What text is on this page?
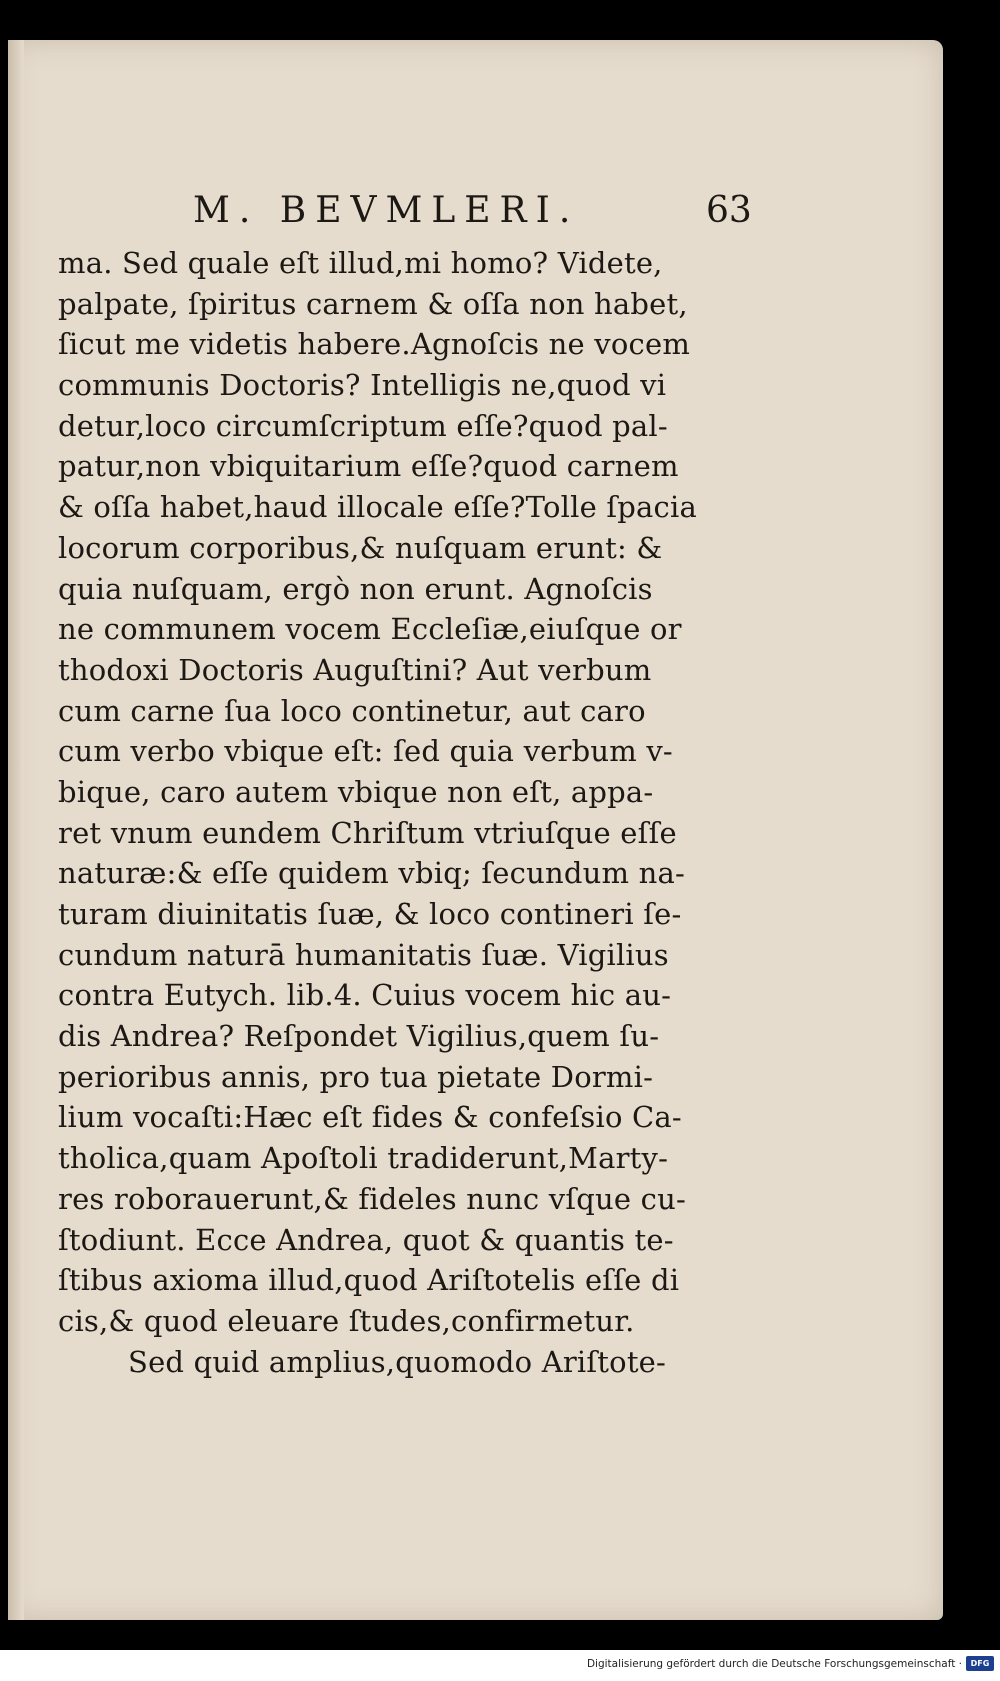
M. BEVMLERI.	63
ma. Sed quale eſt illud,mi homo? Videte,
palpate, ſpiritus carnem & oſſa non habet,
ſicut me videtis habere.Agnoſcis ne vocem
communis Doctoris? Intelligis ne,quod vi
detur,loco circumſcriptum eſſe?quod pal-
patur,non vbiquitarium eſſe?quod carnem
& oſſa habet,haud illocale eſſe?Tolle ſpacia
locorum corporibus,& nuſquam erunt: &
quia nuſquam, ergò non erunt. Agnoſcis
ne communem vocem Eccleſiæ,eiuſque or
thodoxi Doctoris Auguſtini? Aut verbum
cum carne ſua loco continetur, aut caro
cum verbo vbique eſt: ſed quia verbum v-
bique, caro autem vbique non eſt, appa-
ret vnum eundem Chriſtum vtriuſque eſſe
naturæ:& eſſe quidem vbiq; ſecundum na-
turam diuinitatis ſuæ, & loco contineri ſe-
cundum naturā humanitatis ſuæ. Vigilius
contra Eutych. lib.4. Cuius vocem hic au-
dis Andrea? Reſpondet Vigilius,quem ſu-
perioribus annis, pro tua pietate Dormi-
lium vocaſti:Hæc eſt fides & confeſsio Ca-
tholica,quam Apoſtoli tradiderunt,Marty-
res roborauerunt,& fideles nunc vſque cu-
ſtodiunt. Ecce Andrea, quot & quantis te-
ſtibus axioma illud,quod Ariſtotelis eſſe di
cis,& quod eleuare ſtudes,confirmetur.
Sed quid amplius,quomodo Ariſtote-
Digitalisierung gefördert durch die Deutsche Forschungsgemeinschaft ·	DFG
